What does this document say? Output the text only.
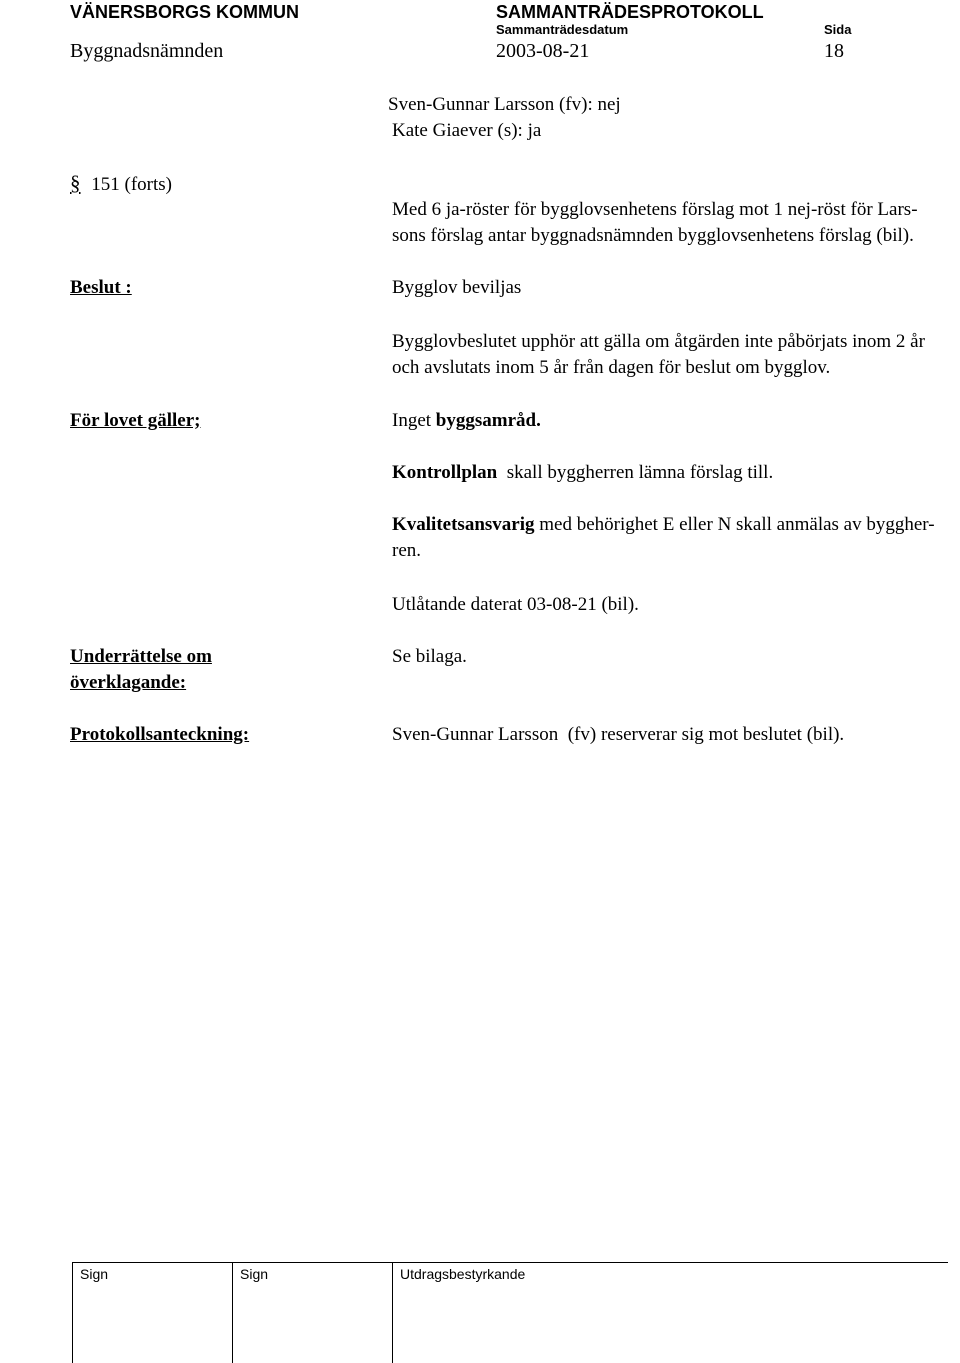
VÄNERSBORGS KOMMUN	SAMMANTRÄDESPROTOKOLL
Sammanträdesdatum	Sida
Byggnadsnämnden	2003-08-21	18
Sven-Gunnar Larsson (fv): nej
Kate Giaever (s): ja
§ 151 (forts)
Med 6 ja-röster för bygglovsenhetens förslag mot 1 nej-röst för Lars-
sons förslag antar byggnadsnämnden bygglovsenhetens förslag (bil).
Beslut :	Bygglov beviljas
Bygglovbeslutet upphör att gälla om åtgärden inte påbörjats inom 2 år
och avslutats inom 5 år från dagen för beslut om bygglov.
För lovet gäller;	Inget byggsamråd.
Kontrollplan  skall byggherren lämna förslag till.
Kvalitetsansvarig med behörighet E eller N skall anmälas av byggher-
ren.
Utlåtande daterat 03-08-21 (bil).
Underrättelse om
överklagande:
Se bilaga.
Protokollsanteckning:	Sven-Gunnar Larsson  (fv) reserverar sig mot beslutet (bil).
Sign	Sign	Utdragsbestyrkande
